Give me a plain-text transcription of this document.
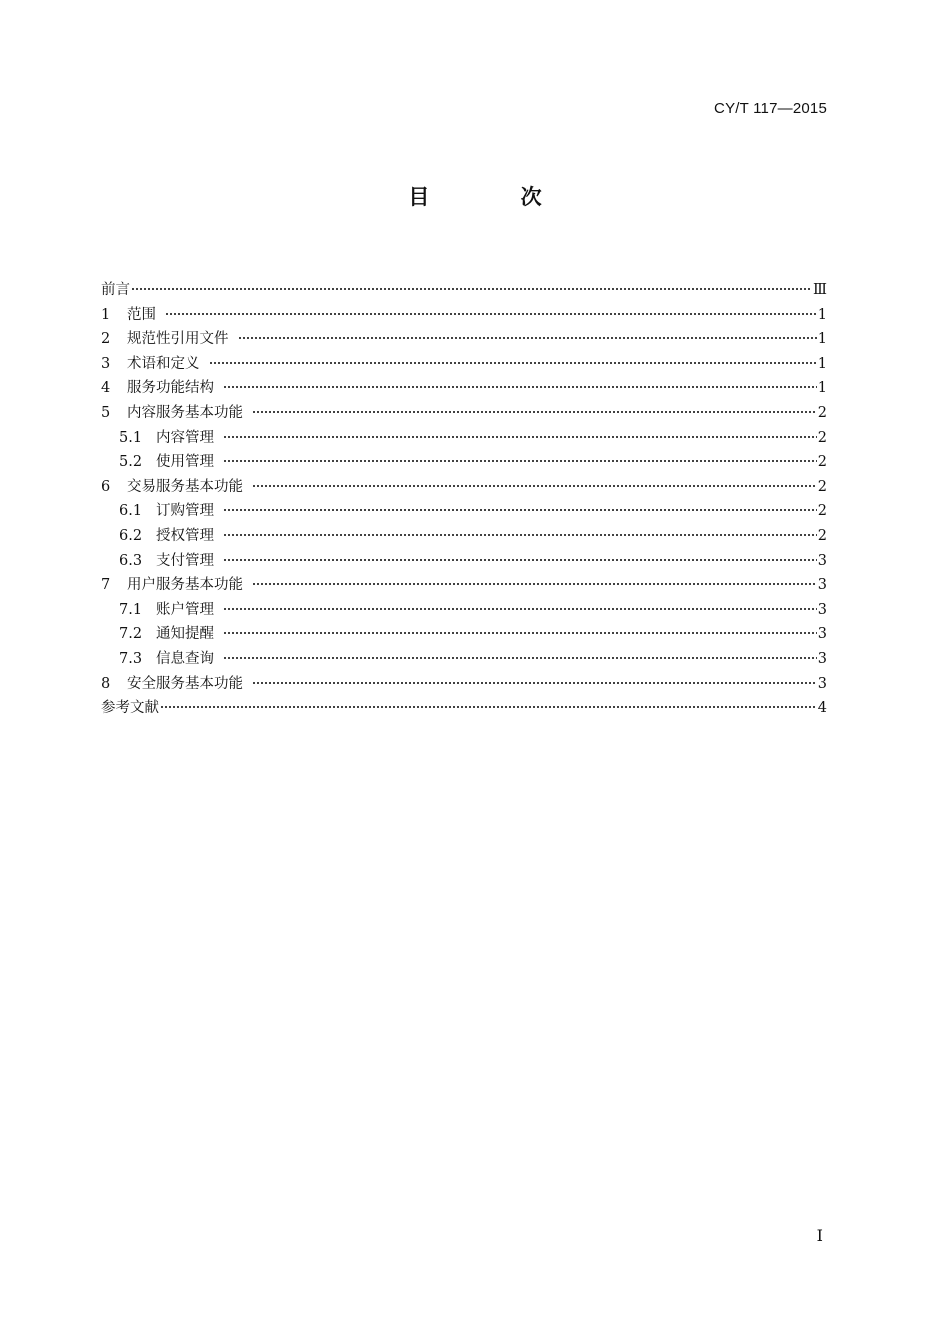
CY/T 117—2015
目 次
前言	Ⅲ
1	范围	1
2	规范性引用文件	1
3	术语和定义	1
4	服务功能结构	1
5	内容服务基本功能	2
5.1 内容管理	2
5.2 使用管理	2
6	交易服务基本功能	2
6.1 订购管理	2
6.2 授权管理	2
6.3 支付管理	3
7	用户服务基本功能	3
7.1 账户管理	3
7.2 通知提醒	3
7.3 信息查询	3
8	安全服务基本功能	3
参考文献	4
Ⅰ
